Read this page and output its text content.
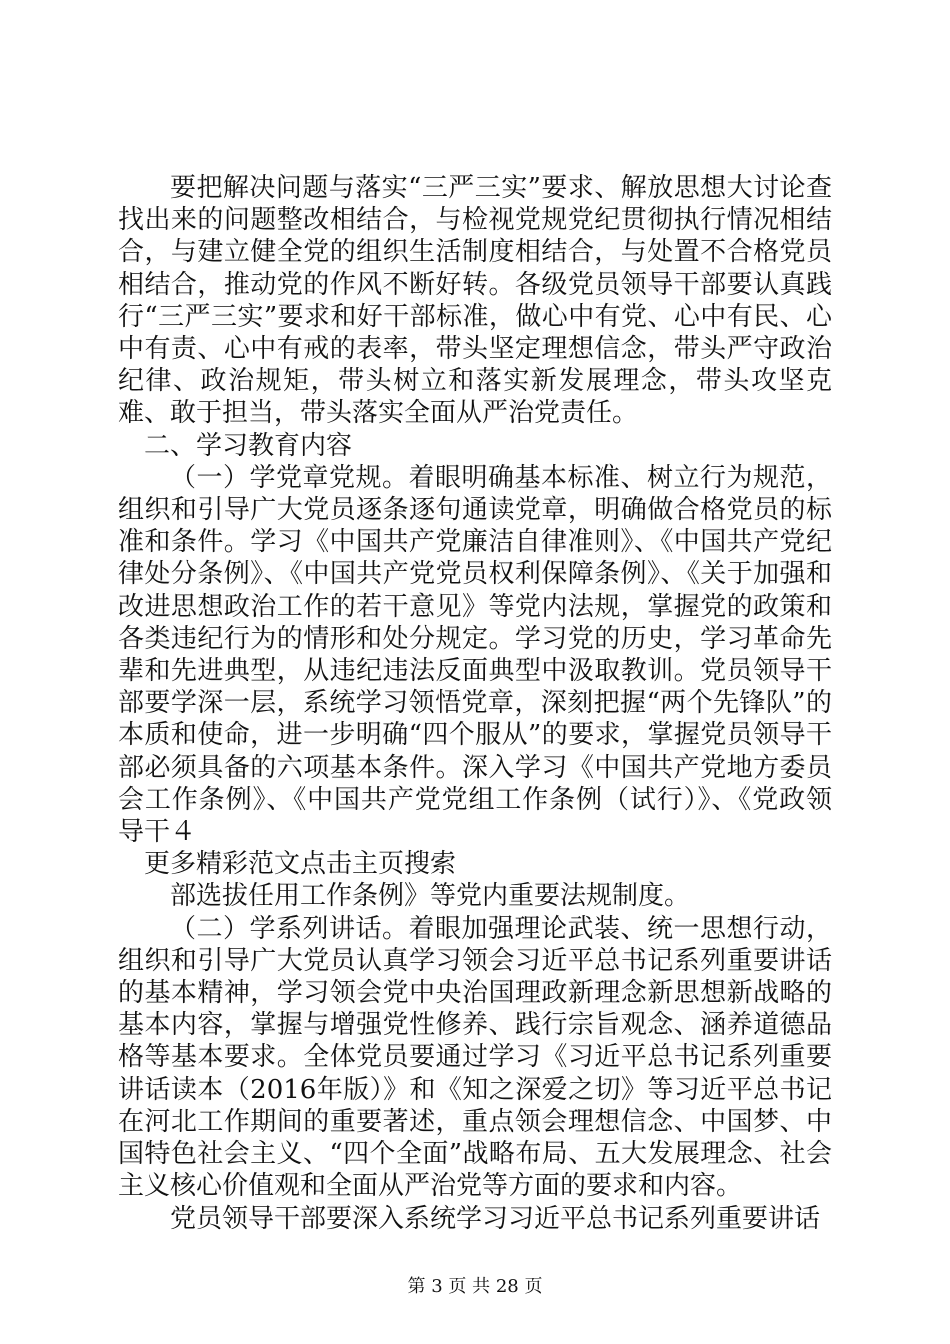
要把解决问题与落实“三严三实”要求、解放思想大讨论查找出来的问题整改相结合，与检视党规党纪贯彻执行情况相结合，与建立健全党的组织生活制度相结合，与处置不合格党员相结合，推动党的作风不断好转。各级党员领导干部要认真践行“三严三实”要求和好干部标准，做心中有党、心中有民、心中有责、心中有戒的表率，带头坚定理想信念，带头严守政治纪律、政治规矩，带头树立和落实新发展理念，带头攻坚克难、敢于担当，带头落实全面从严治党责任。

二、学习教育内容

（一）学党章党规。着眼明确基本标准、树立行为规范，组织和引导广大党员逐条逐句通读党章，明确做合格党员的标准和条件。学习《中国共产党廉洁自律准则》、《中国共产党纪律处分条例》、《中国共产党党员权利保障条例》、《关于加强和改进思想政治工作的若干意见》等党内法规，掌握党的政策和各类违纪行为的情形和处分规定。学习党的历史，学习革命先辈和先进典型，从违纪违法反面典型中汲取教训。党员领导干部要学深一层，系统学习领悟党章，深刻把握“两个先锋队”的本质和使命，进一步明确“四个服从”的要求，掌握党员领导干部必须具备的六项基本条件。深入学习《中国共产党地方委员会工作条例》、《中国共产党党组工作条例（试行）》、《党政领导干４

更多精彩范文点击主页搜索

部选拔任用工作条例》等党内重要法规制度。

（二）学系列讲话。着眼加强理论武装、统一思想行动，组织和引导广大党员认真学习领会习近平总书记系列重要讲话的基本精神，学习领会党中央治国理政新理念新思想新战略的基本内容，掌握与增强党性修养、践行宗旨观念、涵养道德品格等基本要求。全体党员要通过学习《习近平总书记系列重要讲话读本（2016年版）》和《知之深爱之切》等习近平总书记在河北工作期间的重要著述，重点领会理想信念、中国梦、中国特色社会主义、“四个全面”战略布局、五大发展理念、社会主义核心价值观和全面从严治党等方面的要求和内容。

党员领导干部要深入系统学习习近平总书记系列重要讲话

第 3 页 共 28 页
